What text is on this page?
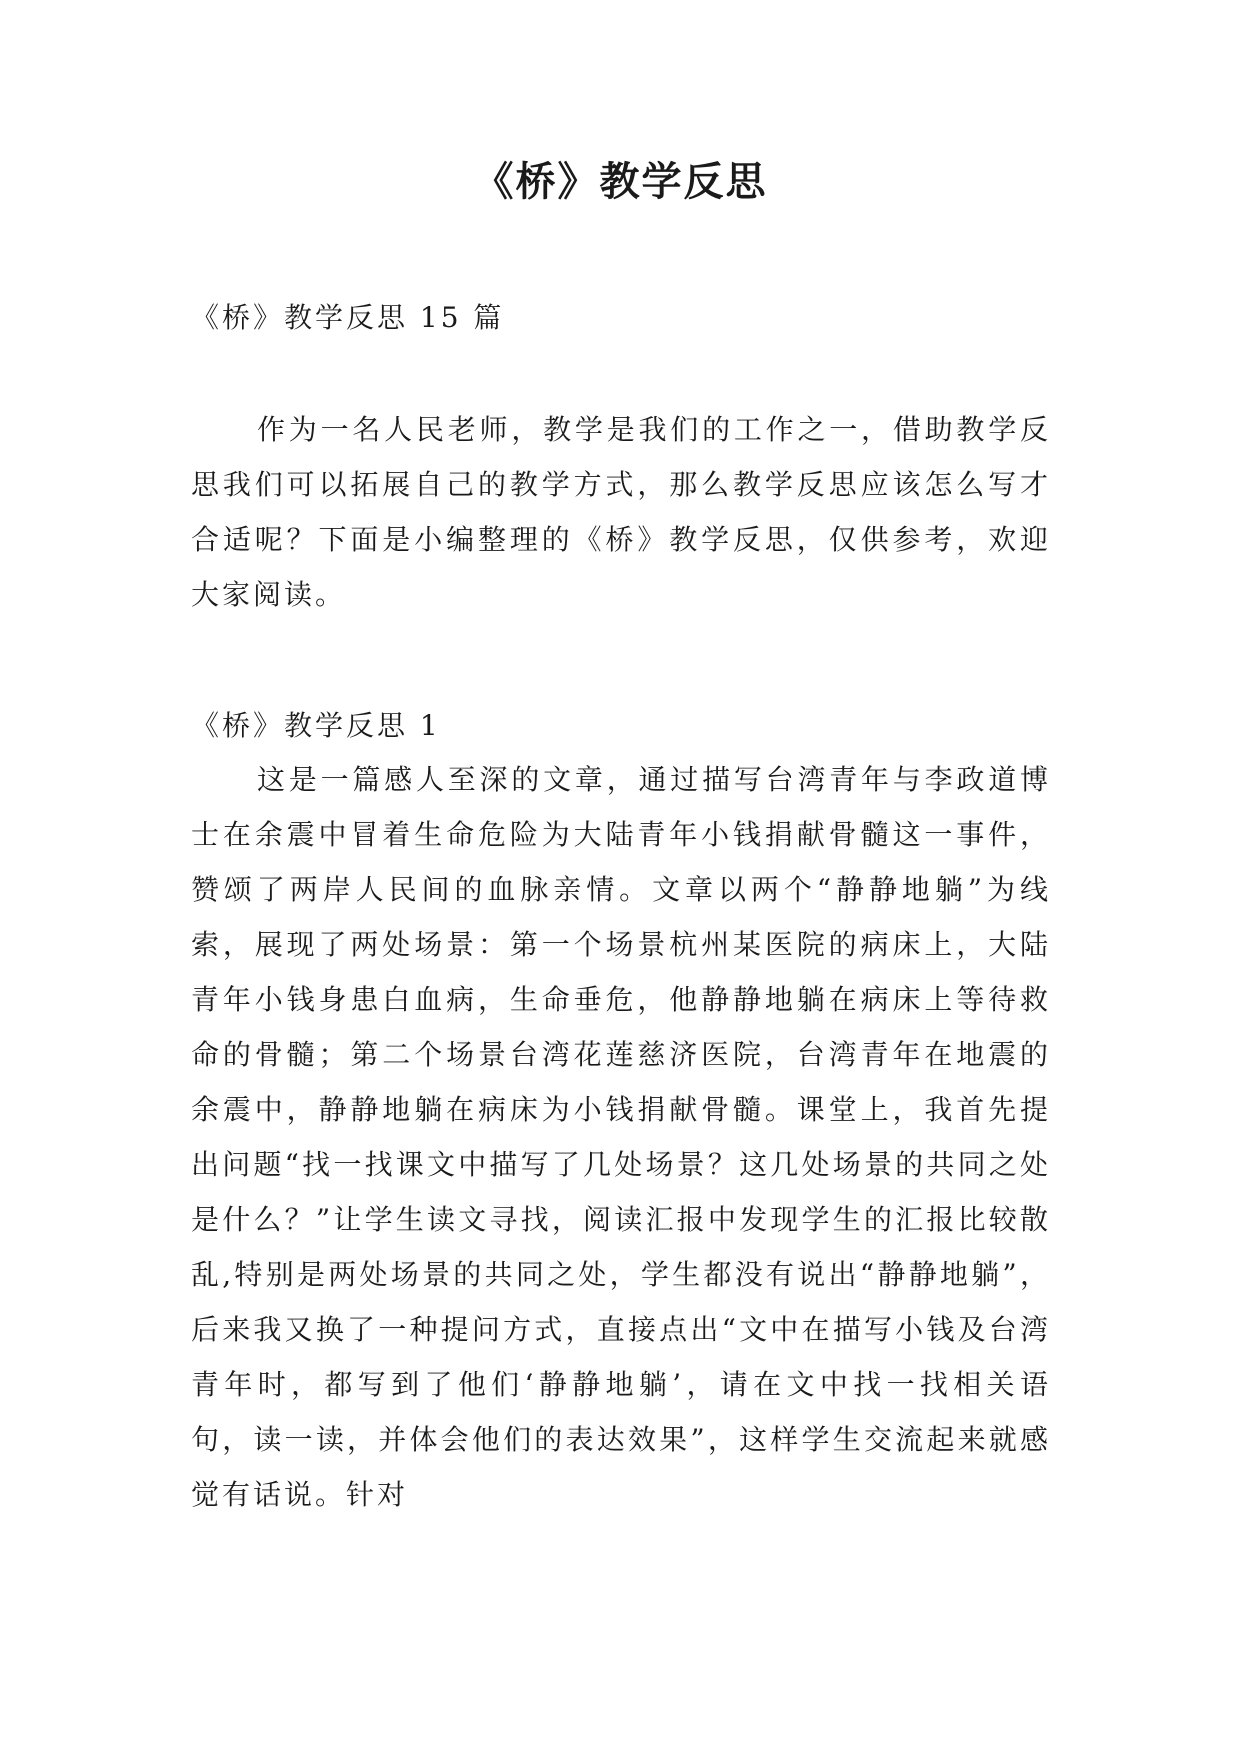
《桥》教学反思

《桥》教学反思 15 篇

作为一名人民老师，教学是我们的工作之一，借助教学反思我们可以拓展自己的教学方式，那么教学反思应该怎么写才合适呢？下面是小编整理的《桥》教学反思，仅供参考，欢迎大家阅读。

《桥》教学反思 1

这是一篇感人至深的文章，通过描写台湾青年与李政道博士在余震中冒着生命危险为大陆青年小钱捐献骨髓这一事件，赞颂了两岸人民间的血脉亲情。文章以两个“静静地躺”为线索，展现了两处场景：第一个场景杭州某医院的病床上，大陆青年小钱身患白血病，生命垂危，他静静地躺在病床上等待救命的骨髓；第二个场景台湾花莲慈济医院，台湾青年在地震的余震中，静静地躺在病床为小钱捐献骨髓。课堂上，我首先提出问题“找一找课文中描写了几处场景？这几处场景的共同之处是什么？”让学生读文寻找，阅读汇报中发现学生的汇报比较散乱,特别是两处场景的共同之处，学生都没有说出“静静地躺”，后来我又换了一种提问方式，直接点出“文中在描写小钱及台湾青年时，都写到了他们‘静静地躺’，请在文中找一找相关语句，读一读，并体会他们的表达效果”，这样学生交流起来就感觉有话说。针对
